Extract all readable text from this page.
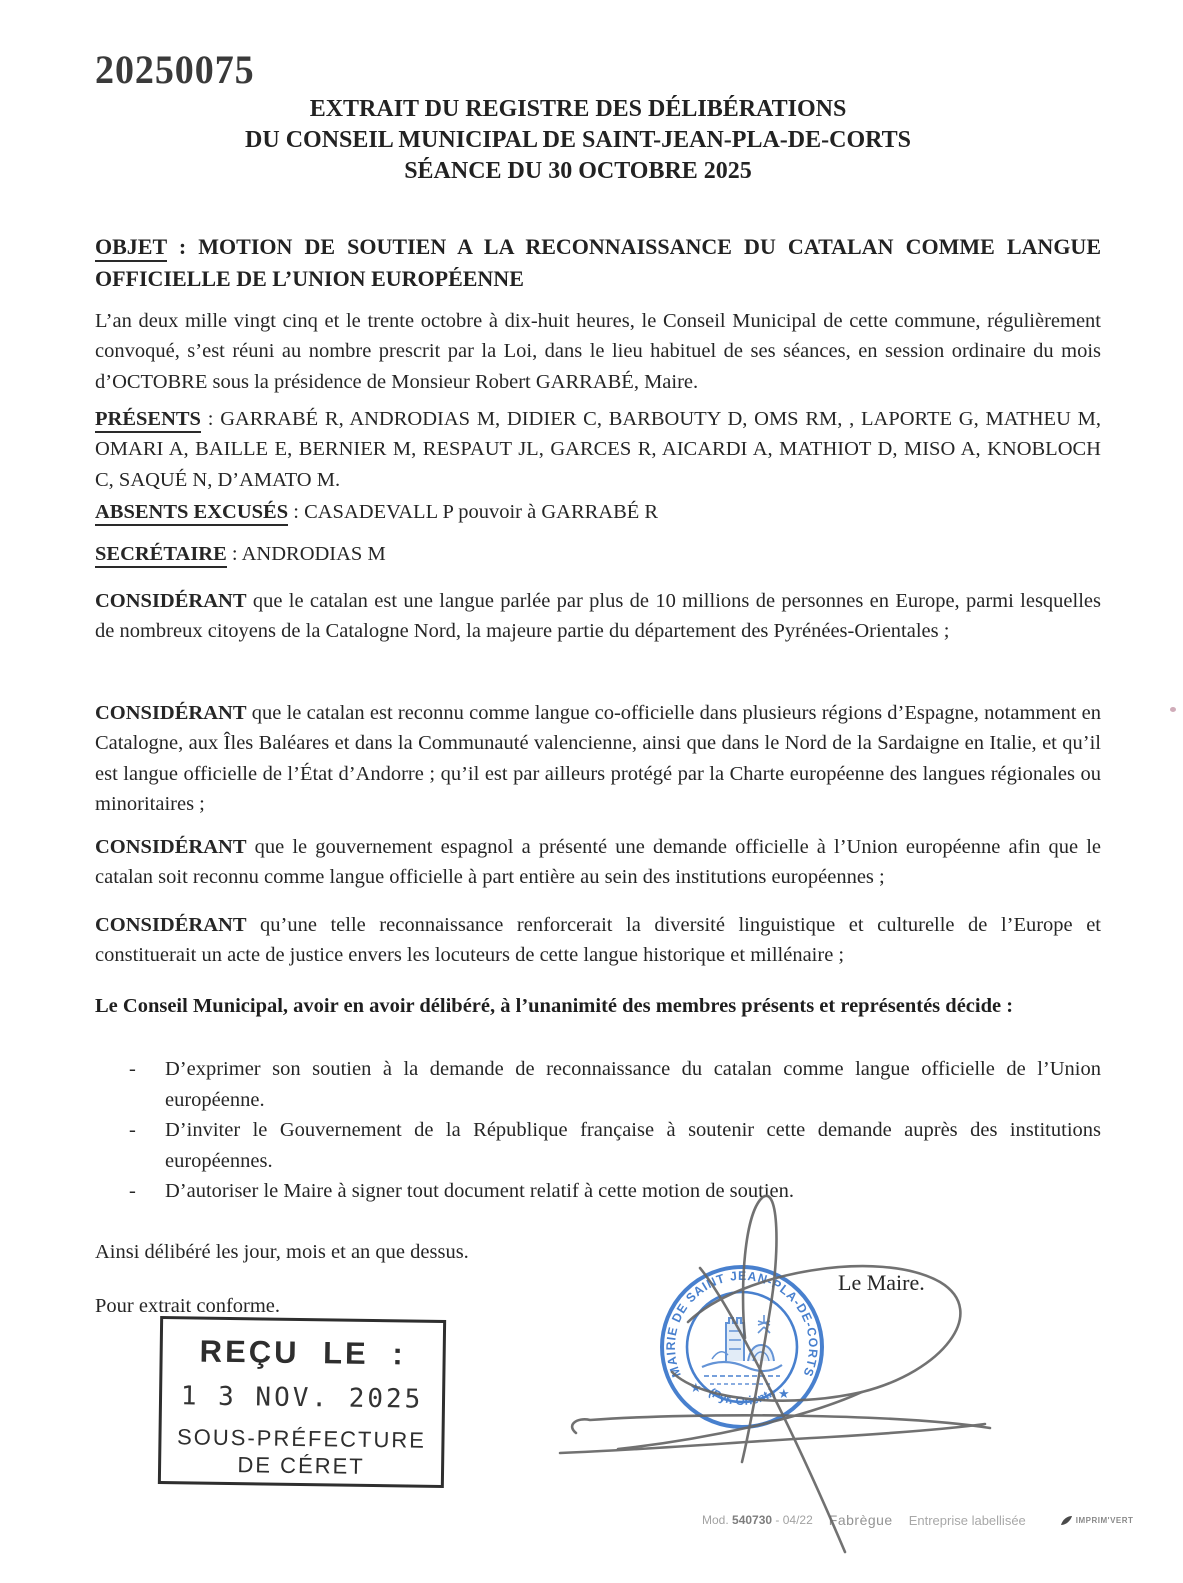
20250075
EXTRAIT DU REGISTRE DES DÉLIBÉRATIONS
DU CONSEIL MUNICIPAL DE SAINT-JEAN-PLA-DE-CORTS
SÉANCE DU 30 OCTOBRE 2025

OBJET : MOTION DE SOUTIEN A LA RECONNAISSANCE DU CATALAN COMME LANGUE OFFICIELLE DE L’UNION EUROPÉENNE

L’an deux mille vingt cinq et le trente octobre à dix-huit heures, le Conseil Municipal de cette commune, régulièrement convoqué, s’est réuni au nombre prescrit par la Loi, dans le lieu habituel de ses séances, en session ordinaire du mois d’OCTOBRE sous la présidence de Monsieur Robert GARRABÉ, Maire.

PRÉSENTS : GARRABÉ R, ANDRODIAS M, DIDIER C, BARBOUTY D, OMS RM, , LAPORTE G, MATHEU M, OMARI A, BAILLE E, BERNIER M, RESPAUT JL, GARCES R, AICARDI A, MATHIOT D, MISO A, KNOBLOCH C, SAQUÉ N, D’AMATO M.

ABSENTS EXCUSÉS : CASADEVALL P pouvoir à GARRABÉ R

SECRÉTAIRE : ANDRODIAS M

CONSIDÉRANT que le catalan est une langue parlée par plus de 10 millions de personnes en Europe, parmi lesquelles de nombreux citoyens de la Catalogne Nord, la majeure partie du département des Pyrénées-Orientales ;

CONSIDÉRANT que le catalan est reconnu comme langue co-officielle dans plusieurs régions d’Espagne, notamment en Catalogne, aux Îles Baléares et dans la Communauté valencienne, ainsi que dans le Nord de la Sardaigne en Italie, et qu’il est langue officielle de l’État d’Andorre ; qu’il est par ailleurs protégé par la Charte européenne des langues régionales ou minoritaires ;

CONSIDÉRANT que le gouvernement espagnol a présenté une demande officielle à l’Union européenne afin que le catalan soit reconnu comme langue officielle à part entière au sein des institutions européennes ;

CONSIDÉRANT qu’une telle reconnaissance renforcerait la diversité linguistique et culturelle de l’Europe et constituerait un acte de justice envers les locuteurs de cette langue historique et millénaire ;

Le Conseil Municipal, avoir en avoir délibéré, à l’unanimité des membres présents et représentés décide :

-	D’exprimer son soutien à la demande de reconnaissance du catalan comme langue officielle de l’Union européenne.
-	D’inviter le Gouvernement de la République française à soutenir cette demande auprès des institutions européennes.
-	D’autoriser le Maire à signer tout document relatif à cette motion de soutien.

Ainsi délibéré les jour, mois et an que dessus.

Pour extrait conforme.

Le Maire.

REÇU LE :
1 3 NOV. 2025
SOUS-PRÉFECTURE
DE CÉRET
MAIRIE DE SAINT JEAN-PLA-DE-CORTS
(Pyr. Orient.)
★	★
Mod. 540730 - 04/22 Fabrègue Entreprise labellisée	IMPRIM'VERT
